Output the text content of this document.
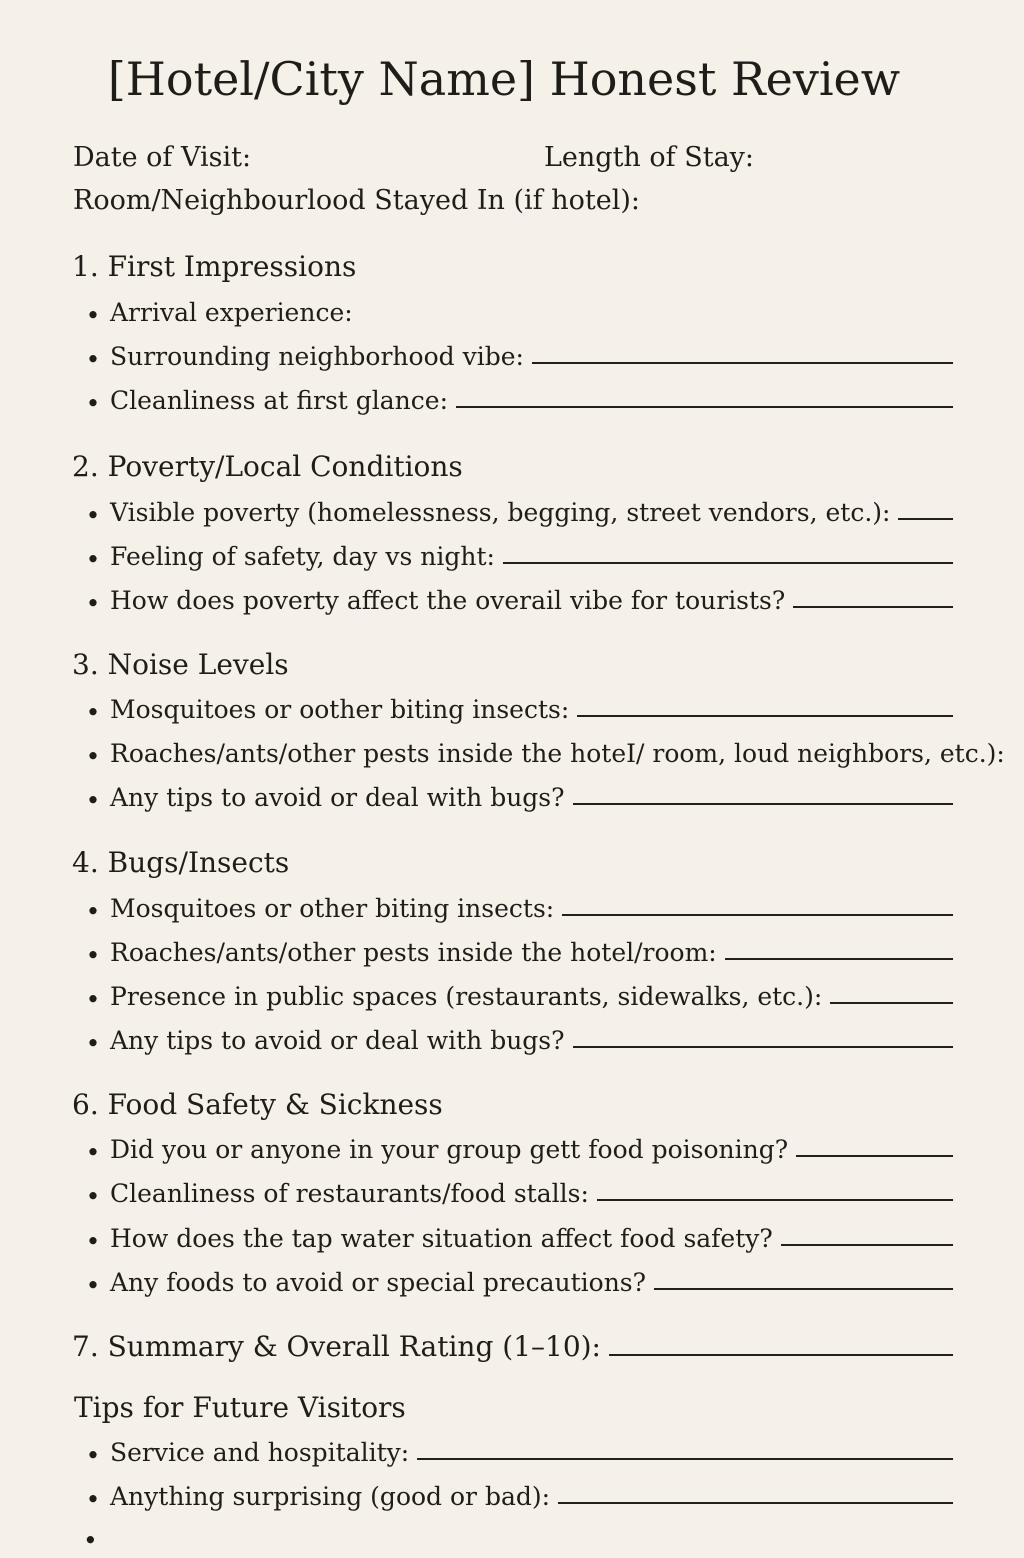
[Hotel/City Name] Honest Review
Date of Visit:	Length of Stay:
Room/Neighbourlood Stayed In (if hotel):
1. First Impressions
• Arrival experience:
• Surrounding neighborhood vibe:
• Cleanliness at first glance:
2. Poverty/Local Conditions
• Visible poverty (homelessness, begging, street vendors, etc.):
• Feeling of safety, day vs night:
• How does poverty affect the overail vibe for tourists?
3. Noise Levels
• Mosquitoes or oother biting insects:
• Roaches/ants/other pests inside the hoteI/ room, loud neighbors, etc.):
• Any tips to avoid or deal with bugs?
4. Bugs/Insects
• Mosquitoes or other biting insects:
• Roaches/ants/other pests inside the hotel/room:
• Presence in public spaces (restaurants, sidewalks, etc.):
• Any tips to avoid or deal with bugs?
6. Food Safety & Sickness
• Did you or anyone in your group gett food poisoning?
• Cleanliness of restaurants/food stalls:
• How does the tap water situation affect food safety?
• Any foods to avoid or special precautions?
7. Summary & Overall Rating (1–10):
Tips for Future Visitors
• Service and hospitality:
• Anything surprising (good or bad):
•
